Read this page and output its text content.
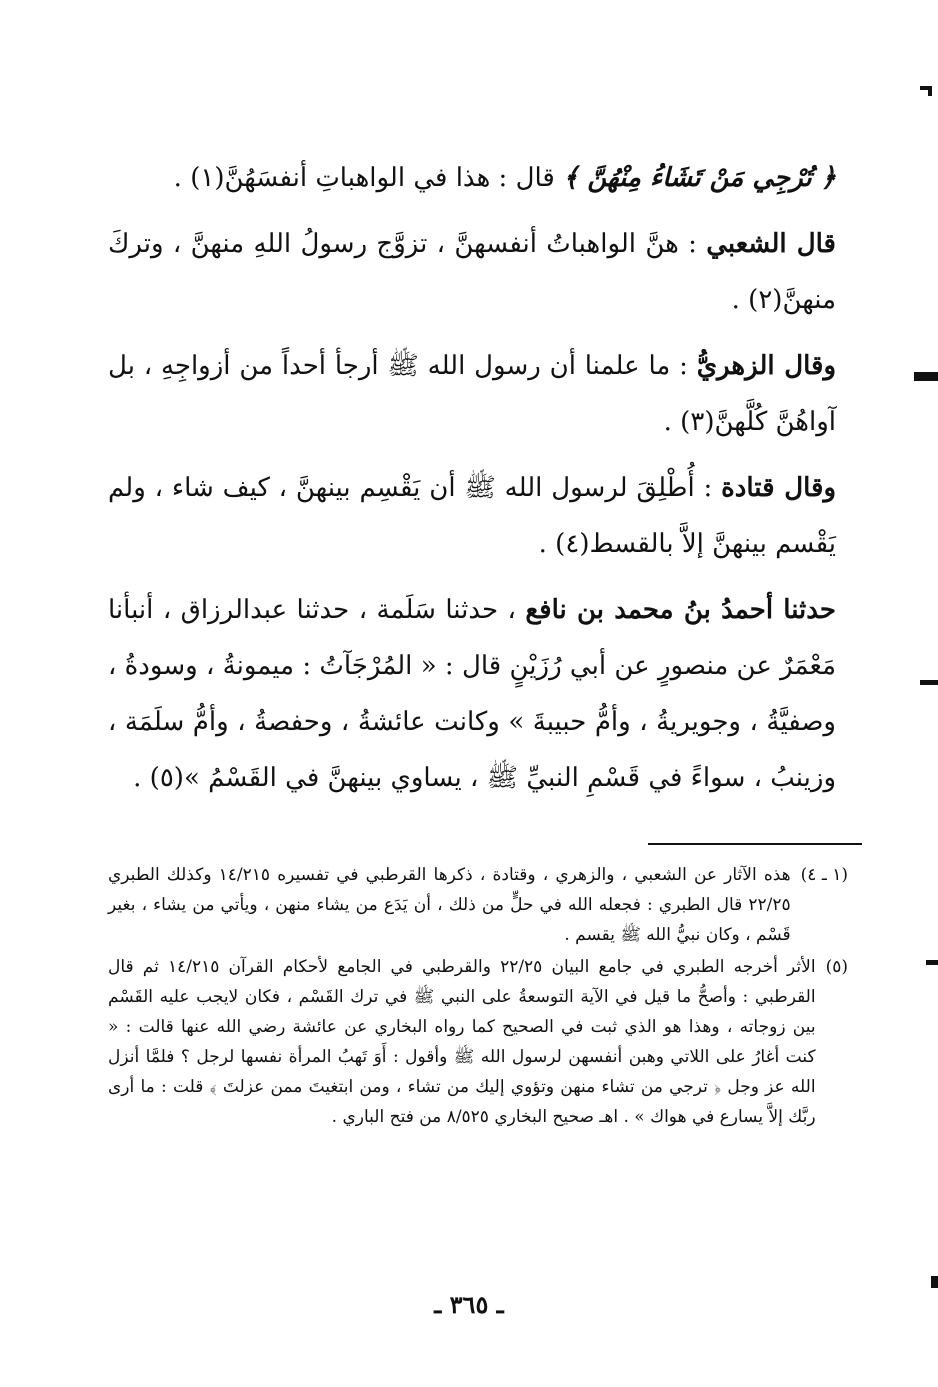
﴿ تُرْجِي مَنْ تَشَاءُ مِنْهُنَّ ﴾ قال : هذا في الواهباتِ أنفسَهُنَّ(١) .

قال الشعبي : هنَّ الواهباتُ أنفسهنَّ ، تزوَّج رسولُ اللهِ منهنَّ ، وتركَ منهنَّ(٢) .

وقال الزهريُّ : ما علمنا أن رسول الله ﷺ أرجأ أحداً من أزواجِهِ ، بل آواهُنَّ كُلَّهنَّ(٣) .

وقال قتادة : أُطْلِقَ لرسول الله ﷺ أن يَقْسِم بينهنَّ ، كيف شاء ، ولم يَقْسم بينهنَّ إلاَّ بالقسط(٤) .

حدثنا أحمدُ بنُ محمد بن نافع ، حدثنا سَلَمة ، حدثنا عبدالرزاق ، أنبأنا مَعْمَرٌ عن منصورٍ عن أبي رُزَيْنٍ قال : « المُرْجَآتُ : ميمونةُ ، وسودةُ ، وصفيَّةُ ، وجويريةُ ، وأمُّ حبيبةَ » وكانت عائشةُ ، وحفصةُ ، وأمُّ سلَمَة ، وزينبُ ، سواءً في قَسْمِ النبيِّ ﷺ ، يساوي بينهنَّ في القَسْمُ »(٥) .

(١ ـ ٤)
هذه الآثار عن الشعبي ، والزهري ، وقتادة ، ذكرها القرطبي في تفسيره ١٤/٢١٥ وكذلك الطبري ٢٢/٢٥ قال الطبري : فجعله الله في حلٍّ من ذلك ، أن يَدَع من يشاء منهن ، ويأتي من يشاء ، بغير قَسْم ، وكان نبيُّ الله ﷺ يقسم .
(٥)
الأثر أخرجه الطبري في جامع البيان ٢٢/٢٥ والقرطبي في الجامع لأحكام القرآن ١٤/٢١٥ ثم قال القرطبي : وأصحُّ ما قيل في الآية التوسعةُ على النبي ﷺ في ترك القَسْم ، فكان لايجب عليه القَسْم بين زوجاته ، وهذا هو الذي ثبت في الصحيح كما رواه البخاري عن عائشة رضي الله عنها قالت : « كنت أغارُ على اللاتي وهبن أنفسهن لرسول الله ﷺ وأقول : أَوَ تَهبُ المرأة نفسها لرجل ؟ فلمَّا أنزل الله عز وجل ﴿ ترجي من تشاء منهن وتؤوي إليك من تشاء ، ومن ابتغيتَ ممن عزلتَ ﴾ قلت : ما أرى ربَّك إلاَّ يسارع في هواك » . اهـ صحيح البخاري ٨/٥٢٥ من فتح الباري .
ـ ٣٦٥ ـ
